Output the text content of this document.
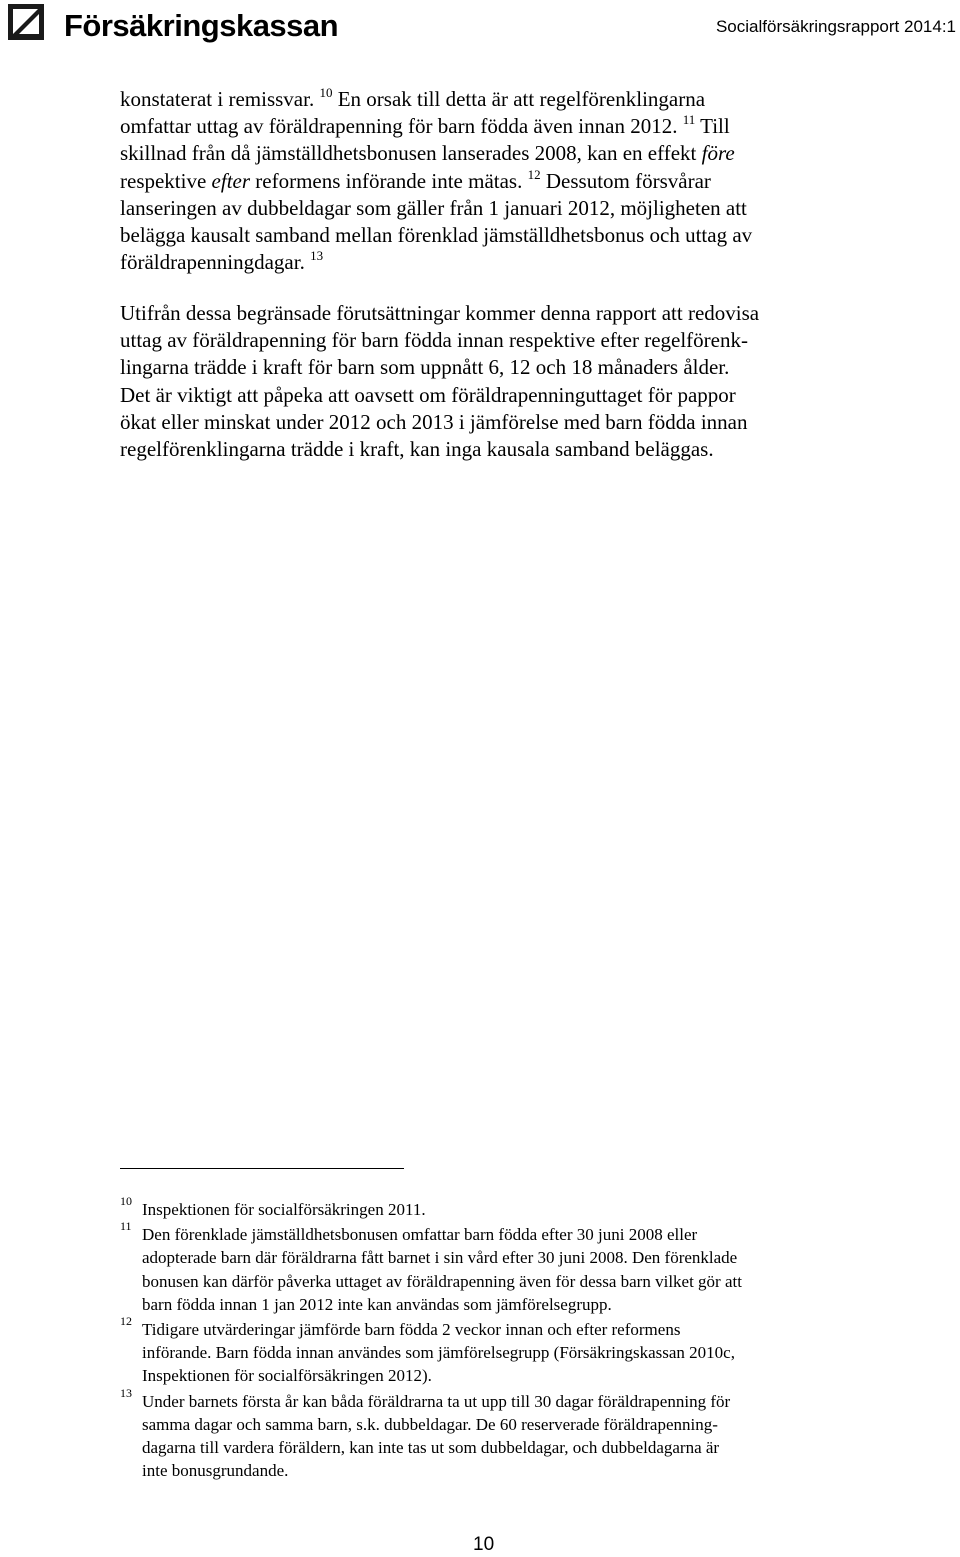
Försäkringskassan	Socialförsäkringsrapport 2014:1
konstaterat i remissvar. $^{10}$ En orsak till detta är att regelförenklingarna
omfattar uttag av föräldrapenning för barn födda även innan 2012. $^{11}$ Till
skillnad från då jämställdhetsbonusen lanserades 2008, kan en effekt före
respektive efter reformens införande inte mätas. $^{12}$ Dessutom försvårar
lanseringen av dubbeldagar som gäller från 1 januari 2012, möjligheten att
belägga kausalt samband mellan förenklad jämställdhetsbonus och uttag av
föräldrapenningdagar. $^{13}$
Utifrån dessa begränsade förutsättningar kommer denna rapport att redovisa
uttag av föräldrapenning för barn födda innan respektive efter regelförenk-
lingarna trädde i kraft för barn som uppnått 6, 12 och 18 månaders ålder.
Det är viktigt att påpeka att oavsett om föräldrapenninguttaget för pappor
ökat eller minskat under 2012 och 2013 i jämförelse med barn födda innan
regelförenklingarna trädde i kraft, kan inga kausala samband beläggas.
10 Inspektionen för socialförsäkringen 2011.
11 Den förenklade jämställdhetsbonusen omfattar barn födda efter 30 juni 2008 eller
adopterade barn där föräldrarna fått barnet i sin vård efter 30 juni 2008. Den förenklade
bonusen kan därför påverka uttaget av föräldrapenning även för dessa barn vilket gör att
barn födda innan 1 jan 2012 inte kan användas som jämförelsegrupp.
12 Tidigare utvärderingar jämförde barn födda 2 veckor innan och efter reformens
införande. Barn födda innan användes som jämförelsegrupp (Försäkringskassan 2010c,
Inspektionen för socialförsäkringen 2012).
13 Under barnets första år kan båda föräldrarna ta ut upp till 30 dagar föräldrapenning för
samma dagar och samma barn, s.k. dubbeldagar. De 60 reserverade föräldrapenning-
dagarna till vardera föräldern, kan inte tas ut som dubbeldagar, och dubbeldagarna är
inte bonusgrundande.
10
